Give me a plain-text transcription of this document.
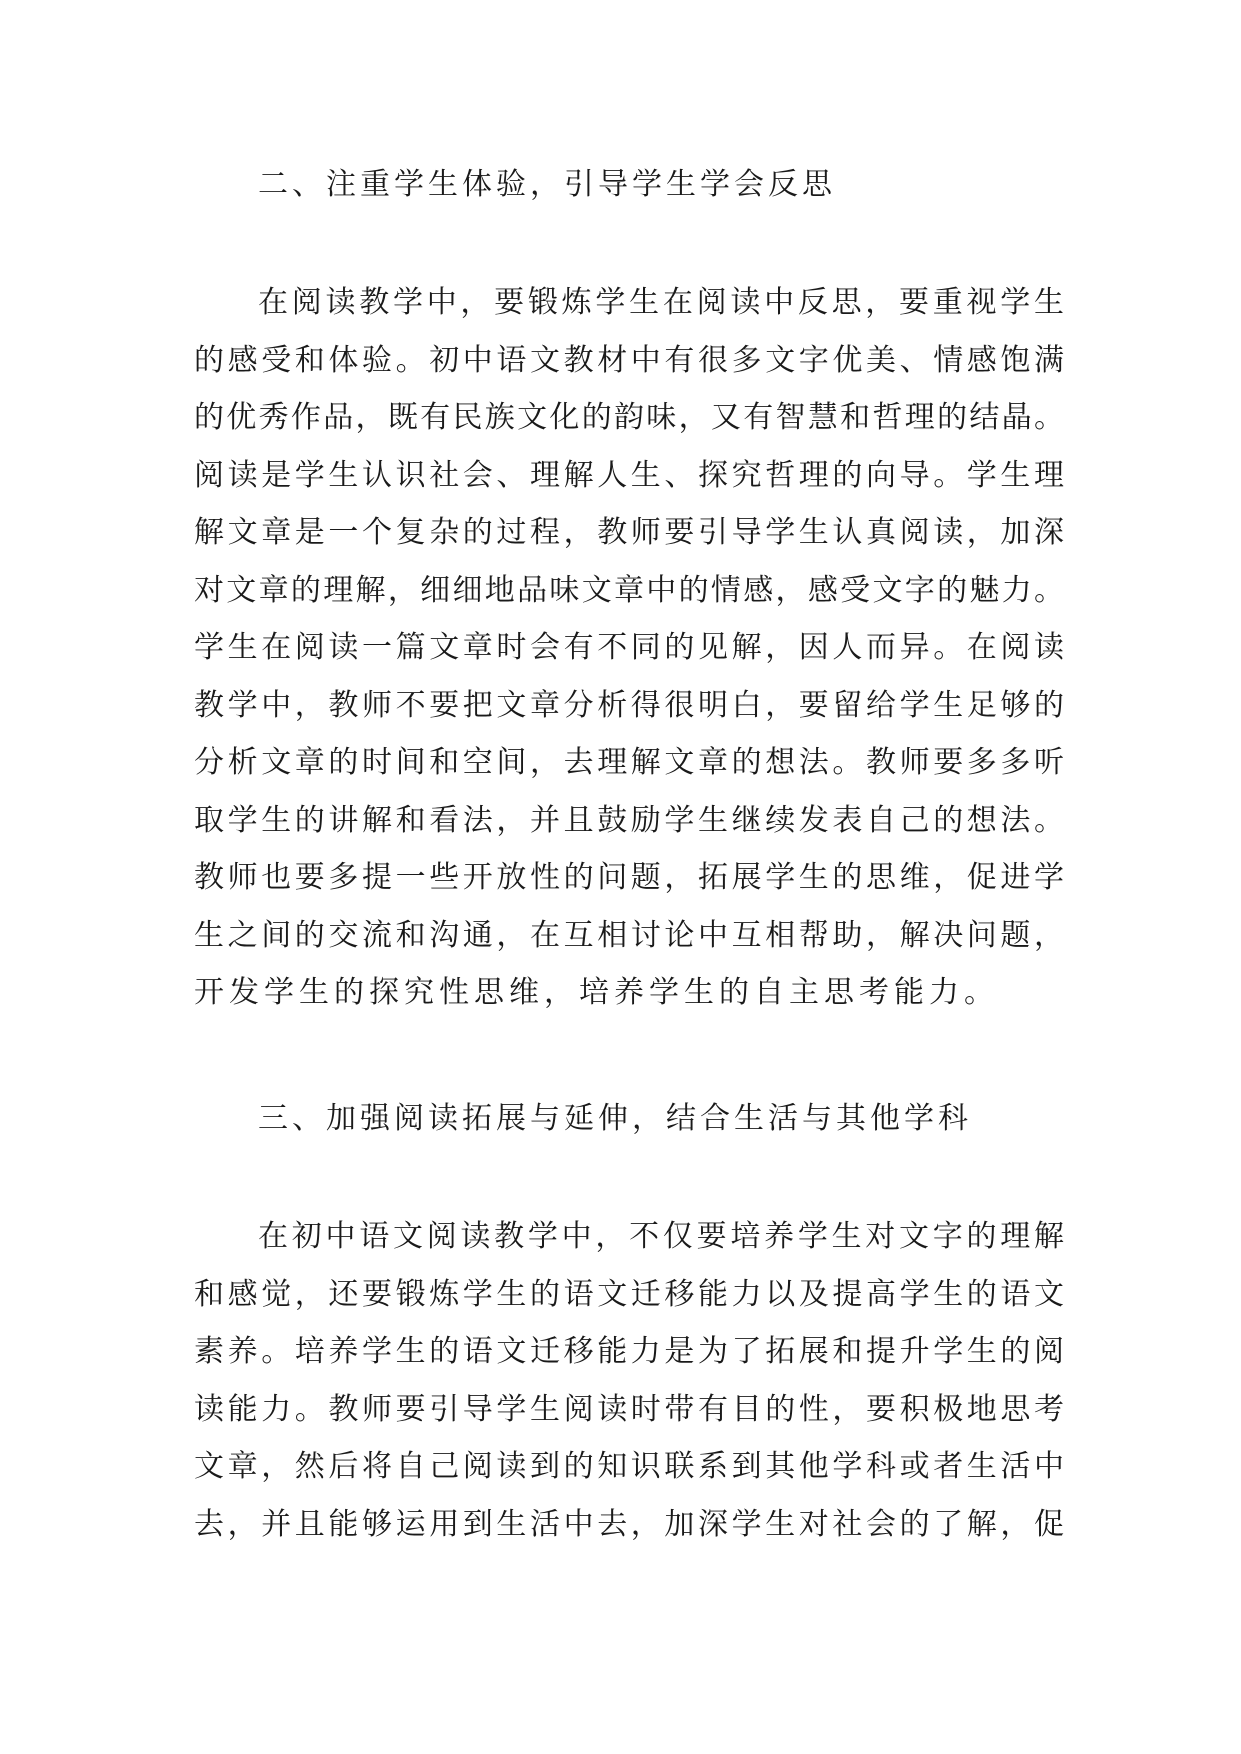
二、注重学生体验，引导学生学会反思
在阅读教学中，要锻炼学生在阅读中反思，要重视学生
的感受和体验。初中语文教材中有很多文字优美、情感饱满
的优秀作品，既有民族文化的韵味，又有智慧和哲理的结晶。
阅读是学生认识社会、理解人生、探究哲理的向导。学生理
解文章是一个复杂的过程，教师要引导学生认真阅读，加深
对文章的理解，细细地品味文章中的情感，感受文字的魅力。
学生在阅读一篇文章时会有不同的见解，因人而异。在阅读
教学中，教师不要把文章分析得很明白，要留给学生足够的
分析文章的时间和空间，去理解文章的想法。教师要多多听
取学生的讲解和看法，并且鼓励学生继续发表自己的想法。
教师也要多提一些开放性的问题，拓展学生的思维，促进学
生之间的交流和沟通，在互相讨论中互相帮助，解决问题，
开发学生的探究性思维，培养学生的自主思考能力。
三、加强阅读拓展与延伸，结合生活与其他学科
在初中语文阅读教学中，不仅要培养学生对文字的理解
和感觉，还要锻炼学生的语文迁移能力以及提高学生的语文
素养。培养学生的语文迁移能力是为了拓展和提升学生的阅
读能力。教师要引导学生阅读时带有目的性，要积极地思考
文章，然后将自己阅读到的知识联系到其他学科或者生活中
去，并且能够运用到生活中去，加深学生对社会的了解，促
